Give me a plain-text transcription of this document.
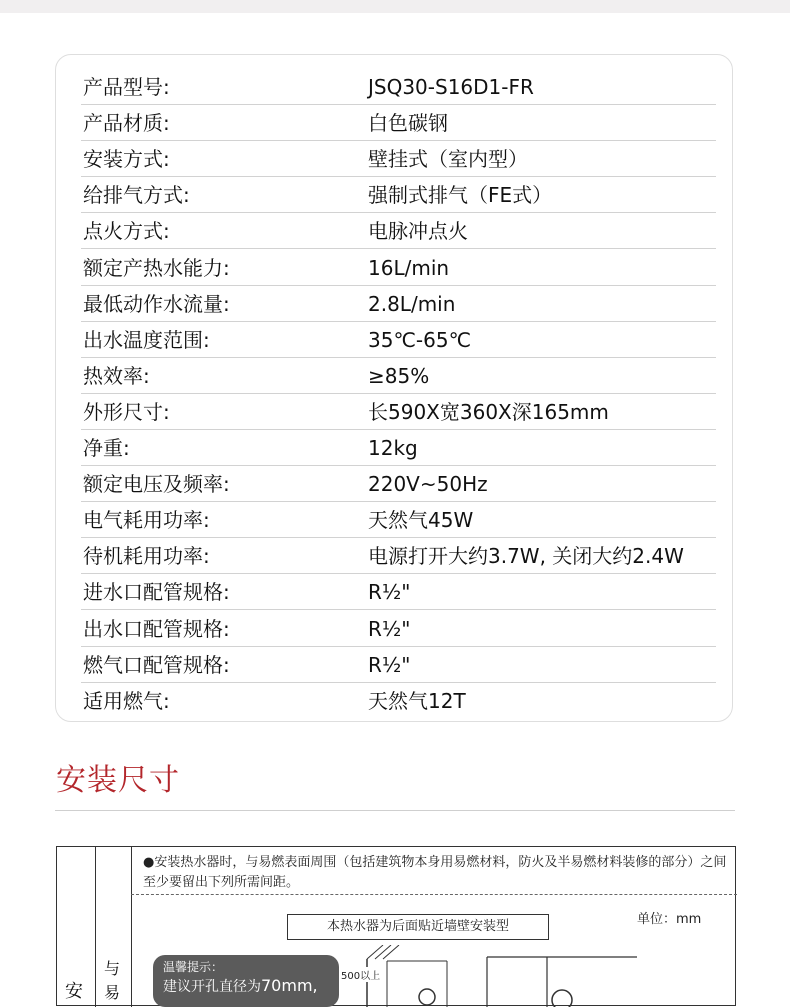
产品型号:	JSQ30-S16D1-FR
产品材质:	白色碳钢
安装方式:	壁挂式（室内型）
给排气方式:	强制式排气（FE式）
点火方式:	电脉冲点火
额定产热水能力:	16L/min
最低动作水流量:	2.8L/min
出水温度范围:	35℃-65℃
热效率:	≥85%
外形尺寸:	长590X宽360X深165mm
净重:	12kg
额定电压及频率:	220V~50Hz
电气耗用功率:	天然气45W
待机耗用功率:	电源打开大约3.7W, 关闭大约2.4W
进水口配管规格:	R½"
出水口配管规格:	R½"
燃气口配管规格:	R½"
适用燃气:	天然气12T
安装尺寸
安
与易
●安装热水器时，与易燃表面周围（包括建筑物本身用易燃材料，防火及半易燃材料装修的部分）之间至少要留出下列所需间距。
本热水器为后面贴近墙壁安装型	单位：mm
500以上
温馨提示：
建议开孔直径为70mm,
